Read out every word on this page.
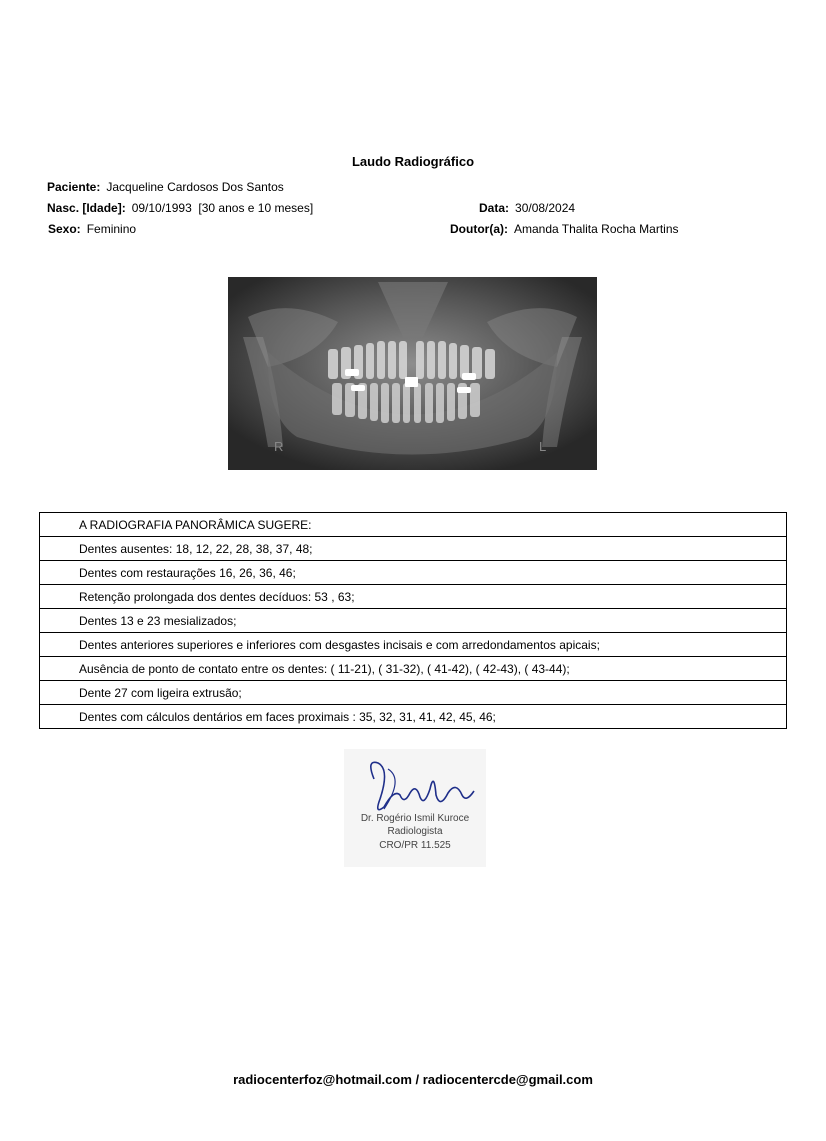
Laudo Radiográfico
Paciente: Jacqueline Cardosos Dos Santos
Nasc. [Idade]: 09/10/1993  [30 anos e 10 meses]
Sexo: Feminino
Data: 30/08/2024
Doutor(a): Amanda Thalita Rocha Martins
R	L
A RADIOGRAFIA PANORÂMICA SUGERE:
Dentes ausentes: 18, 12, 22, 28, 38, 37, 48;
Dentes com restaurações 16, 26, 36, 46;
Retenção prolongada dos dentes decíduos: 53 , 63;
Dentes 13 e 23 mesializados;
Dentes anteriores superiores e inferiores com desgastes incisais e com arredondamentos apicais;
Ausência de ponto de contato entre os dentes: ( 11-21), ( 31-32), ( 41-42), ( 42-43), ( 43-44);
Dente 27 com ligeira extrusão;
Dentes com cálculos dentários em faces proximais : 35, 32, 31, 41, 42, 45, 46;
Dr. Rogério Ismil Kuroce
Radiologista
CRO/PR 11.525
radiocenterfoz@hotmail.com / radiocentercde@gmail.com
